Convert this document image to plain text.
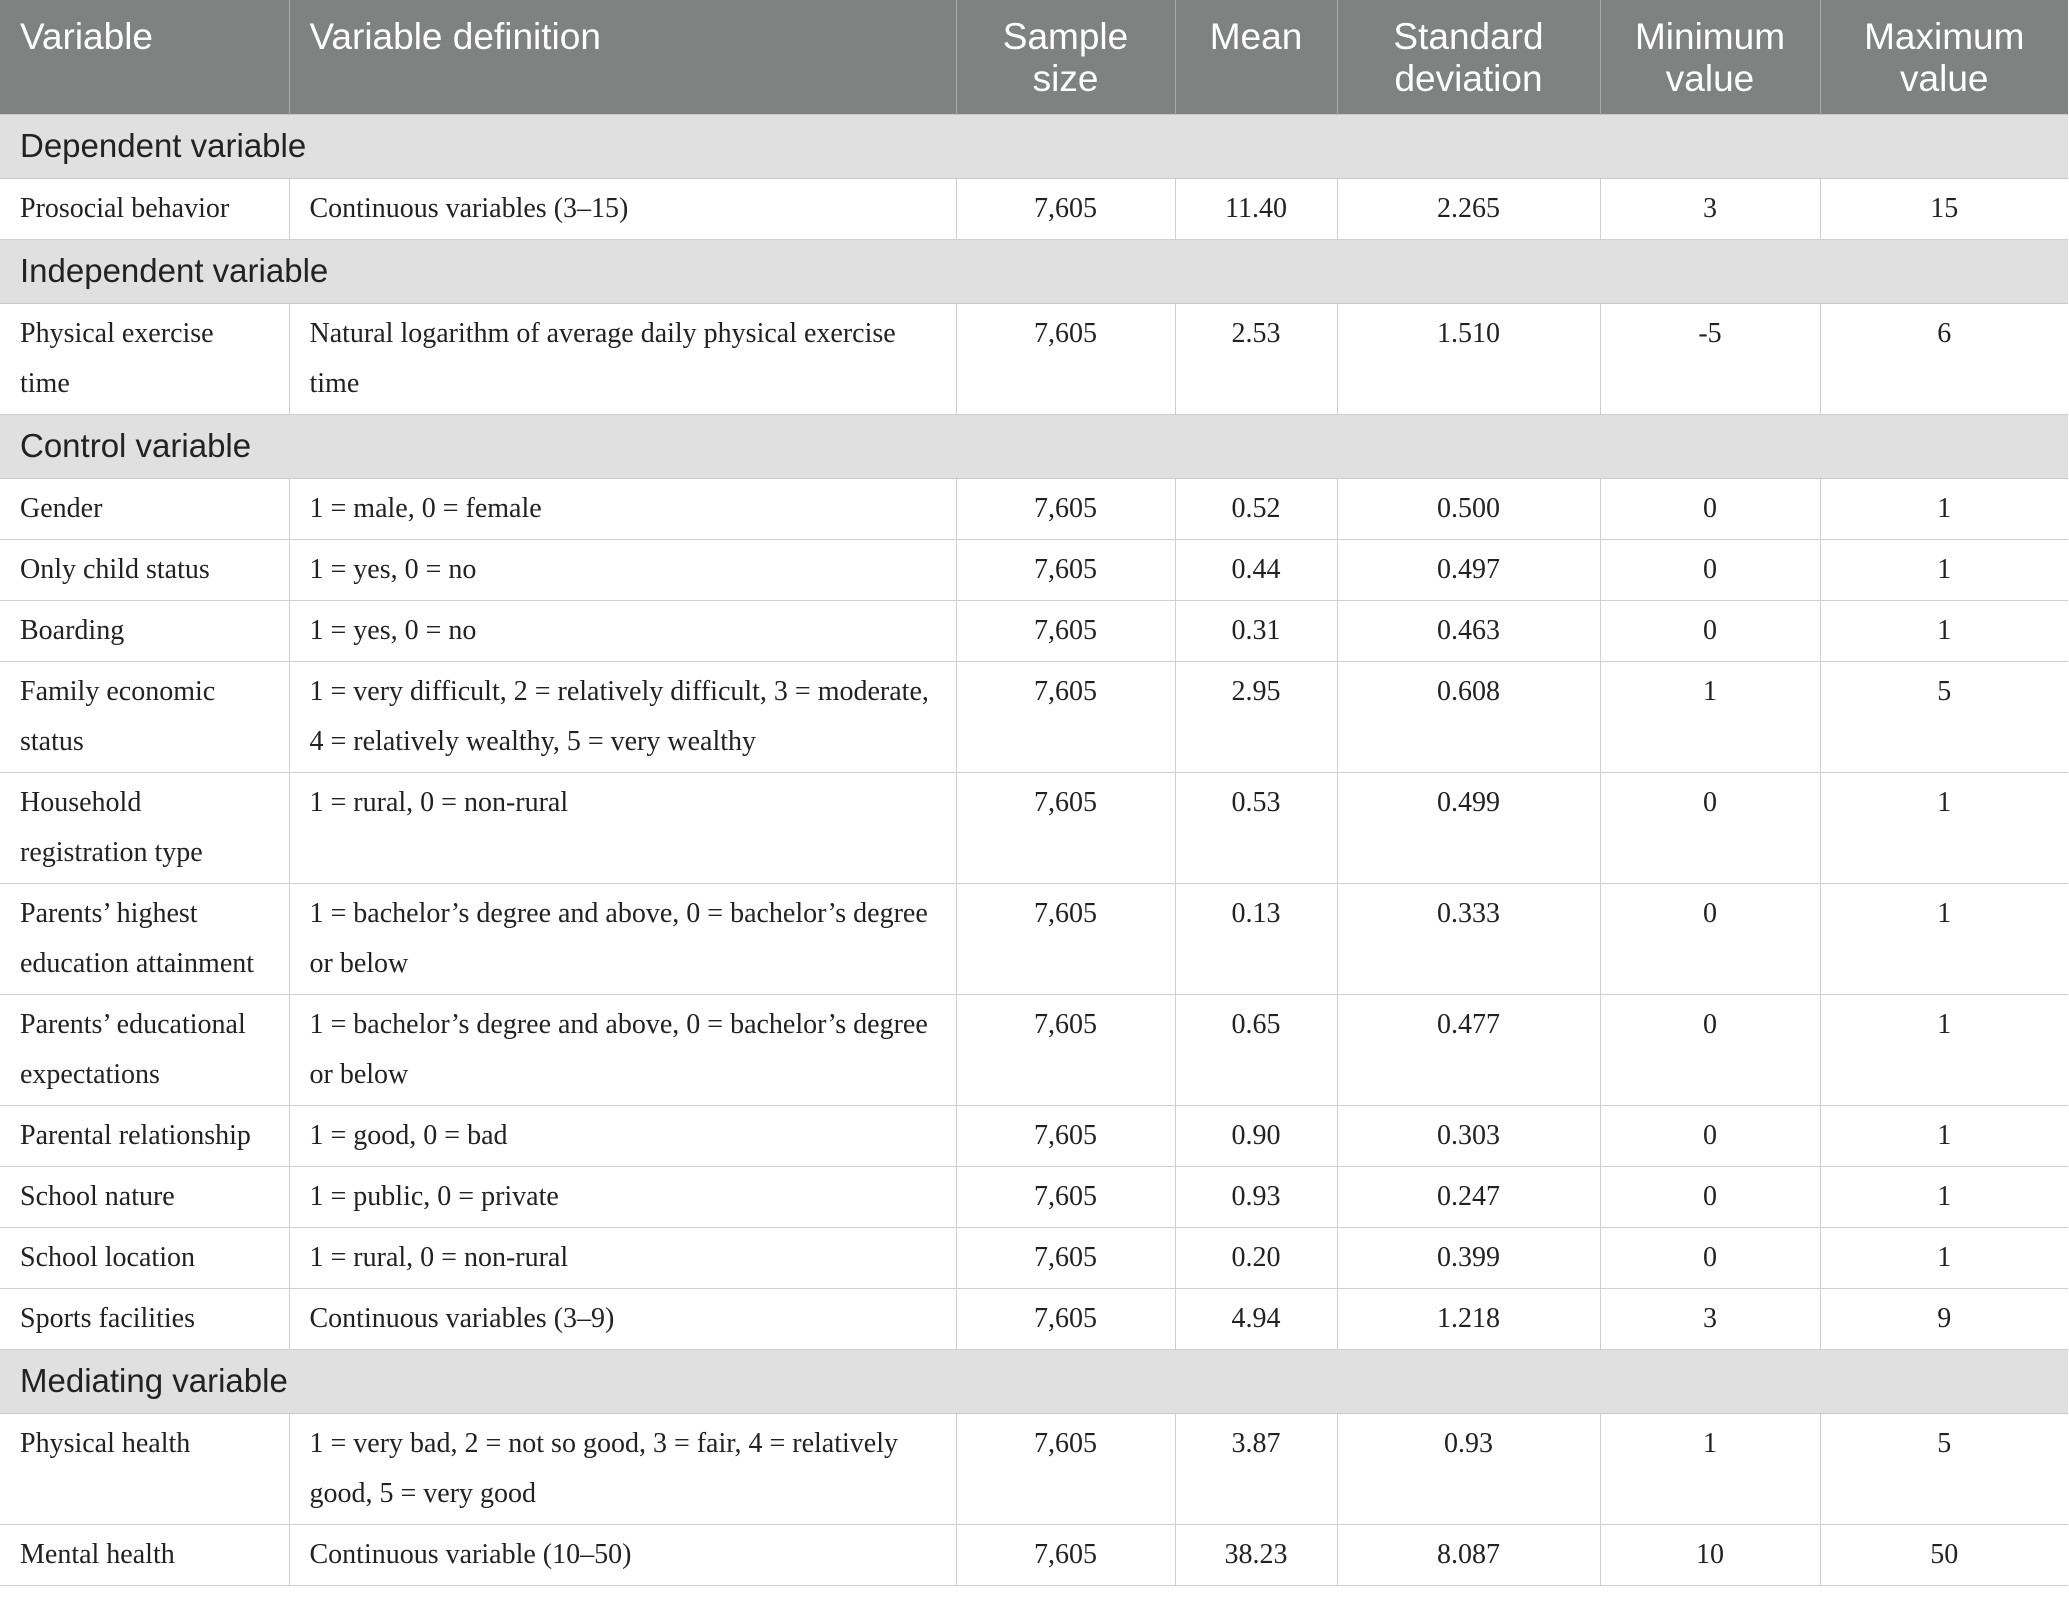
Variable	Variable definition	Sample size	Mean	Standard deviation	Minimum value	Maximum value
Dependent variable						
Prosocial behavior	Continuous variables (3–15)	7,605	11.40	2.265	3	15
Independent variable						
Physical exercise time	Natural logarithm of average daily physical exercise time	7,605	2.53	1.510	-5	6
Control variable						
Gender	1 = male, 0 = female	7,605	0.52	0.500	0	1
Only child status	1 = yes, 0 = no	7,605	0.44	0.497	0	1
Boarding	1 = yes, 0 = no	7,605	0.31	0.463	0	1
Family economic status	1 = very difficult, 2 = relatively difficult, 3 = moderate, 4 = relatively wealthy, 5 = very wealthy	7,605	2.95	0.608	1	5
Household registration type	1 = rural, 0 = non-rural	7,605	0.53	0.499	0	1
Parents’ highest education attainment	1 = bachelor’s degree and above, 0 = bachelor’s degree or below	7,605	0.13	0.333	0	1
Parents’ educational expectations	1 = bachelor’s degree and above, 0 = bachelor’s degree or below	7,605	0.65	0.477	0	1
Parental relationship	1 = good, 0 = bad	7,605	0.90	0.303	0	1
School nature	1 = public, 0 = private	7,605	0.93	0.247	0	1
School location	1 = rural, 0 = non-rural	7,605	0.20	0.399	0	1
Sports facilities	Continuous variables (3–9)	7,605	4.94	1.218	3	9
Mediating variable						
Physical health	1 = very bad, 2 = not so good, 3 = fair, 4 = relatively good, 5 = very good	7,605	3.87	0.93	1	5
Mental health	Continuous variable (10–50)	7,605	38.23	8.087	10	50
